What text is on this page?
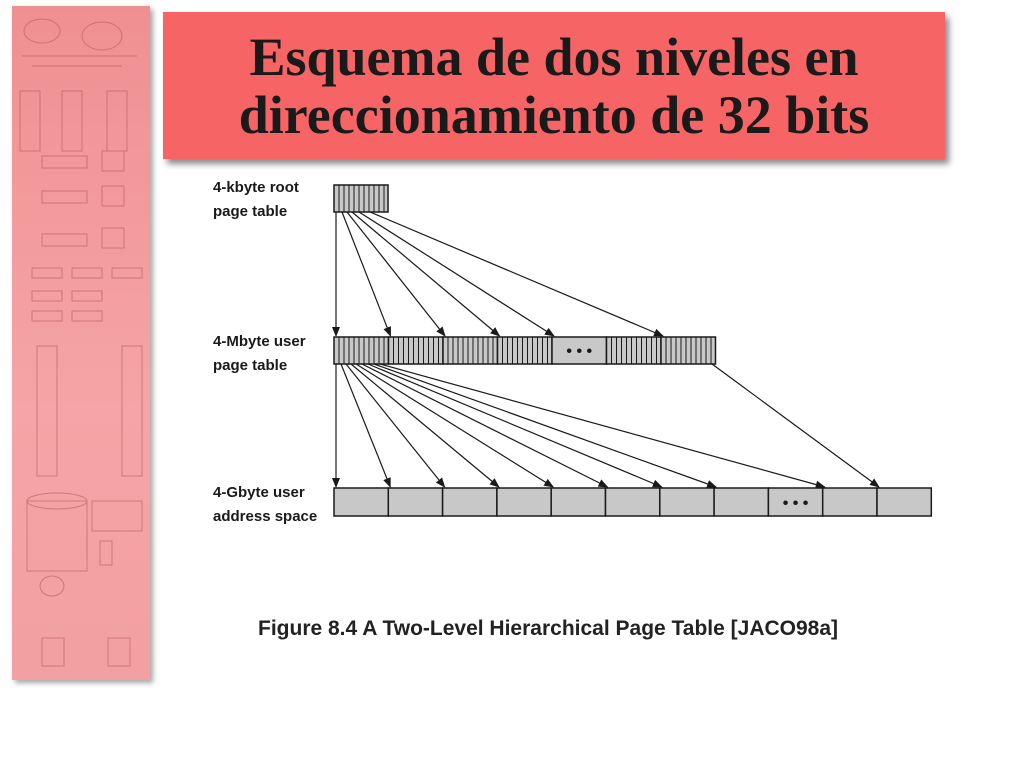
Esquema de dos niveles en
direccionamiento de 32 bits
4-kbyte root page table
4-Mbyte user page table
4-Gbyte user address space
• • •
• • •
Figure 8.4 A Two-Level Hierarchical Page Table [JACO98a]
